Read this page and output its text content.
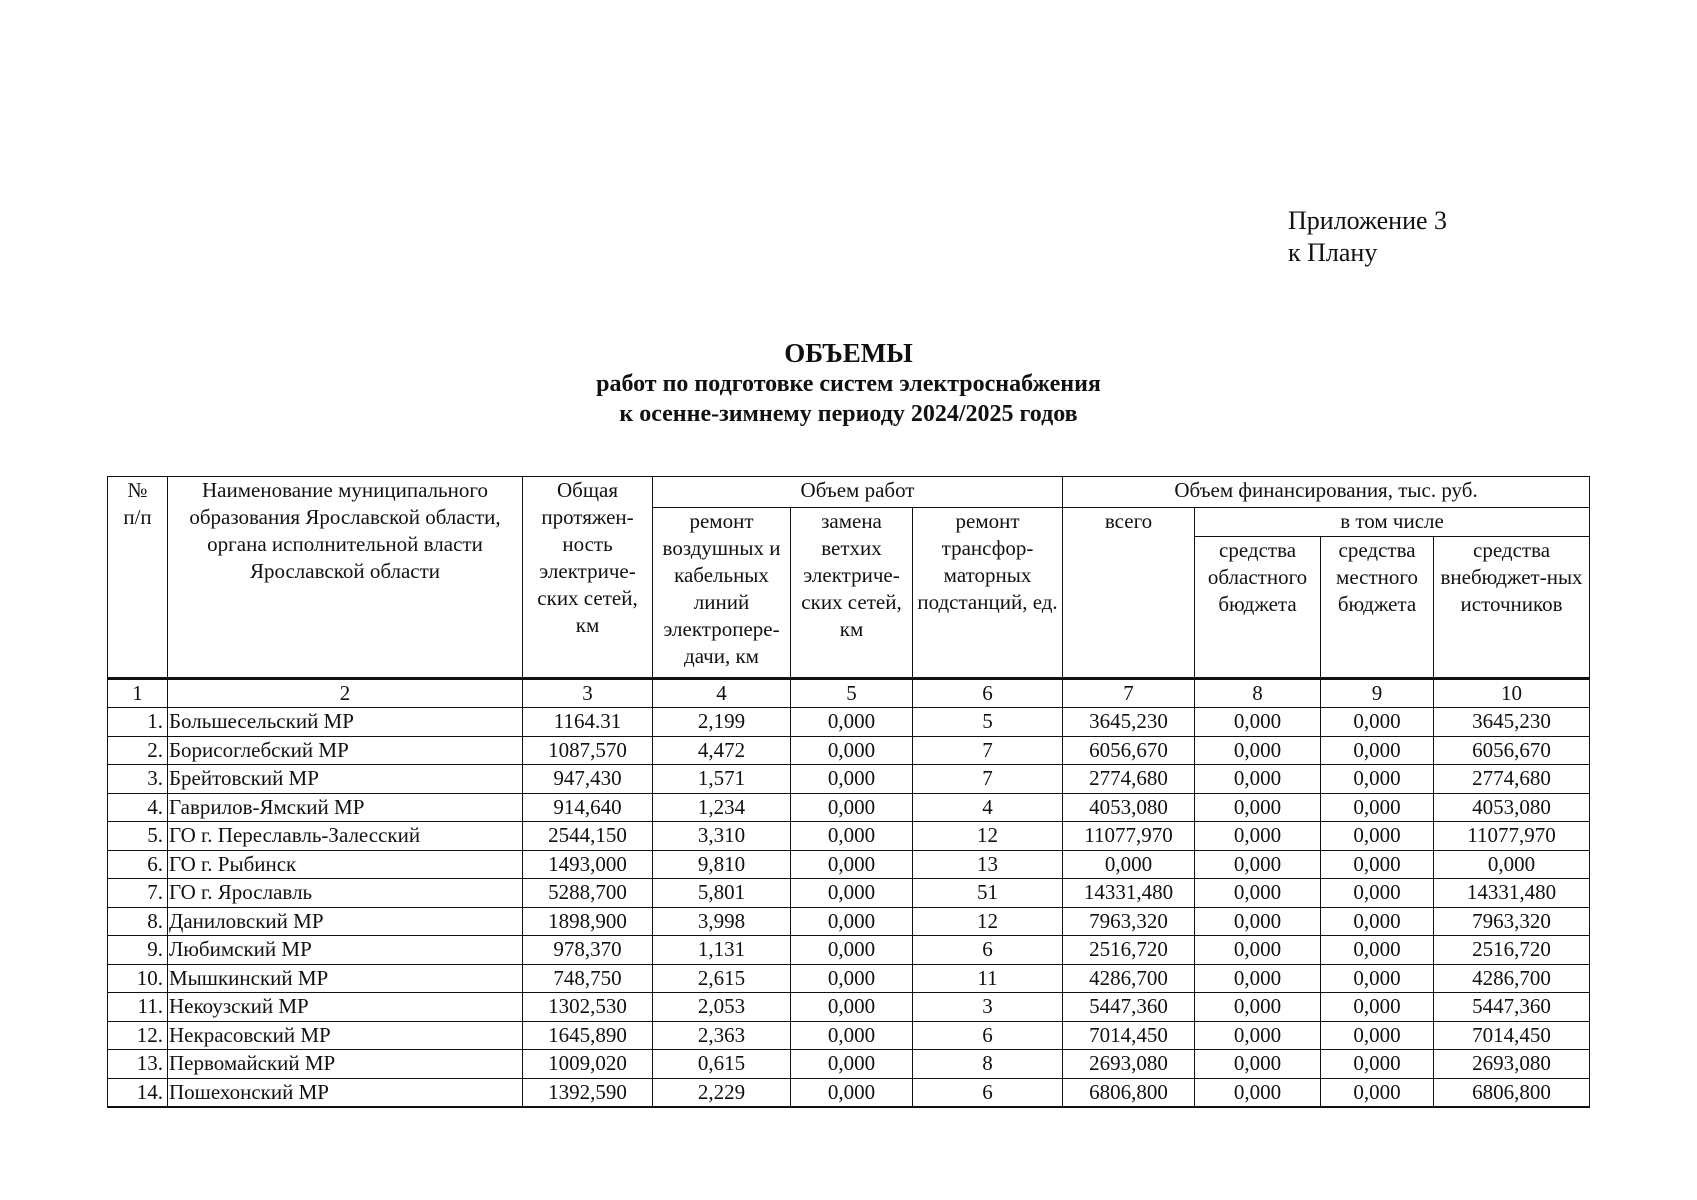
Приложение 3
к Плану
ОБЪЕМЫ
работ по подготовке систем электроснабжения
к осенне-зимнему периоду 2024/2025 годов
№
п/п	Наименование муниципального образования Ярославской области, органа исполнительной власти Ярославской области	Общая протяжен-ность электриче-ских сетей, км	Объем работ			Объем финансирования, тыс. руб.			
			ремонт воздушных и кабельных линий электропере-дачи, км	замена ветхих электриче-ских сетей, км	ремонт трансфор-маторных подстанций, ед.	всего	в том числе		
							средства областного бюджета	средства местного бюджета	средства внебюджет-ных источников
1	2	3	4	5	6	7	8	9	10
1.	Большесельский МР	1164.31	2,199	0,000	5	3645,230	0,000	0,000	3645,230
2.	Борисоглебский МР	1087,570	4,472	0,000	7	6056,670	0,000	0,000	6056,670
3.	Брейтовский МР	947,430	1,571	0,000	7	2774,680	0,000	0,000	2774,680
4.	Гаврилов-Ямский МР	914,640	1,234	0,000	4	4053,080	0,000	0,000	4053,080
5.	ГО г. Переславль-Залесский	2544,150	3,310	0,000	12	11077,970	0,000	0,000	11077,970
6.	ГО г. Рыбинск	1493,000	9,810	0,000	13	0,000	0,000	0,000	0,000
7.	ГО г. Ярославль	5288,700	5,801	0,000	51	14331,480	0,000	0,000	14331,480
8.	Даниловский МР	1898,900	3,998	0,000	12	7963,320	0,000	0,000	7963,320
9.	Любимский МР	978,370	1,131	0,000	6	2516,720	0,000	0,000	2516,720
10.	Мышкинский МР	748,750	2,615	0,000	11	4286,700	0,000	0,000	4286,700
11.	Некоузский МР	1302,530	2,053	0,000	3	5447,360	0,000	0,000	5447,360
12.	Некрасовский МР	1645,890	2,363	0,000	6	7014,450	0,000	0,000	7014,450
13.	Первомайский МР	1009,020	0,615	0,000	8	2693,080	0,000	0,000	2693,080
14.	Пошехонский МР	1392,590	2,229	0,000	6	6806,800	0,000	0,000	6806,800
